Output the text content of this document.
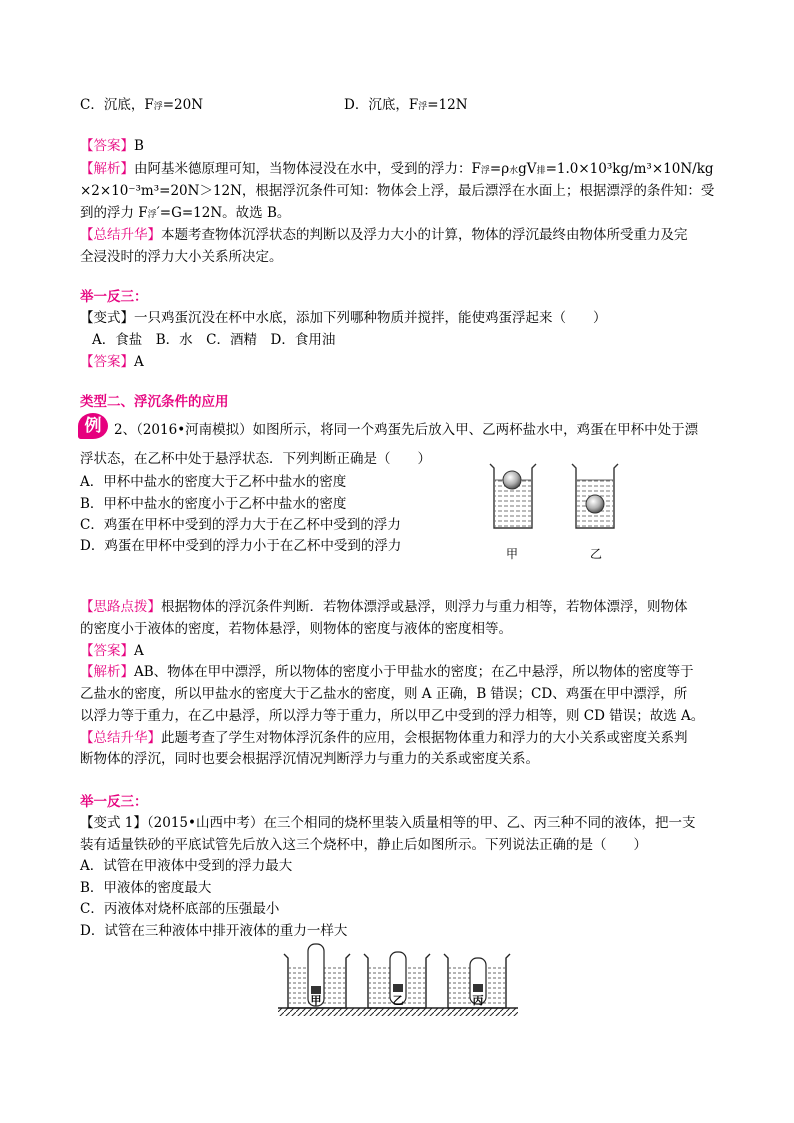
C．沉底，F浮=20N	D．沉底，F浮=12N
【答案】B
【解析】由阿基米德原理可知，当物体浸没在水中，受到的浮力：F浮=ρ水gV排=1.0×10³kg/m³×10N/kg
×2×10⁻³m³=20N＞12N，根据浮沉条件可知：物体会上浮，最后漂浮在水面上；根据漂浮的条件知：受
到的浮力 F浮′=G=12N。故选 B。
【总结升华】本题考查物体沉浮状态的判断以及浮力大小的计算，物体的浮沉最终由物体所受重力及完
全浸没时的浮力大小关系所决定。
举一反三：
【变式】一只鸡蛋沉没在杯中水底，添加下列哪种物质并搅拌，能使鸡蛋浮起来（　　）
A．食盐　B．水　C．酒精　D．食用油
【答案】A
类型二、浮沉条件的应用
例 2、（2016•河南模拟）如图所示，将同一个鸡蛋先后放入甲、乙两杯盐水中，鸡蛋在甲杯中处于漂
浮状态，在乙杯中处于悬浮状态．下列判断正确是（　　）
A．甲杯中盐水的密度大于乙杯中盐水的密度
B．甲杯中盐水的密度小于乙杯中盐水的密度
C．鸡蛋在甲杯中受到的浮力大于在乙杯中受到的浮力
D．鸡蛋在甲杯中受到的浮力小于在乙杯中受到的浮力	甲	乙
【思路点拨】根据物体的浮沉条件判断．若物体漂浮或悬浮，则浮力与重力相等，若物体漂浮，则物体
的密度小于液体的密度，若物体悬浮，则物体的密度与液体的密度相等。
【答案】A
【解析】AB、物体在甲中漂浮，所以物体的密度小于甲盐水的密度；在乙中悬浮，所以物体的密度等于
乙盐水的密度，所以甲盐水的密度大于乙盐水的密度，则 A 正确，B 错误；CD、鸡蛋在甲中漂浮，所
以浮力等于重力，在乙中悬浮，所以浮力等于重力，所以甲乙中受到的浮力相等，则 CD 错误；故选 A。
【总结升华】此题考查了学生对物体浮沉条件的应用，会根据物体重力和浮力的大小关系或密度关系判
断物体的浮沉，同时也要会根据浮沉情况判断浮力与重力的关系或密度关系。
举一反三：
【变式 1】（2015•山西中考）在三个相同的烧杯里装入质量相等的甲、乙、丙三种不同的液体，把一支
装有适量铁砂的平底试管先后放入这三个烧杯中，静止后如图所示。下列说法正确的是（　　）
A．试管在甲液体中受到的浮力最大
B．甲液体的密度最大
C．丙液体对烧杯底部的压强最小
D．试管在三种液体中排开液体的重力一样大
甲	乙	丙
